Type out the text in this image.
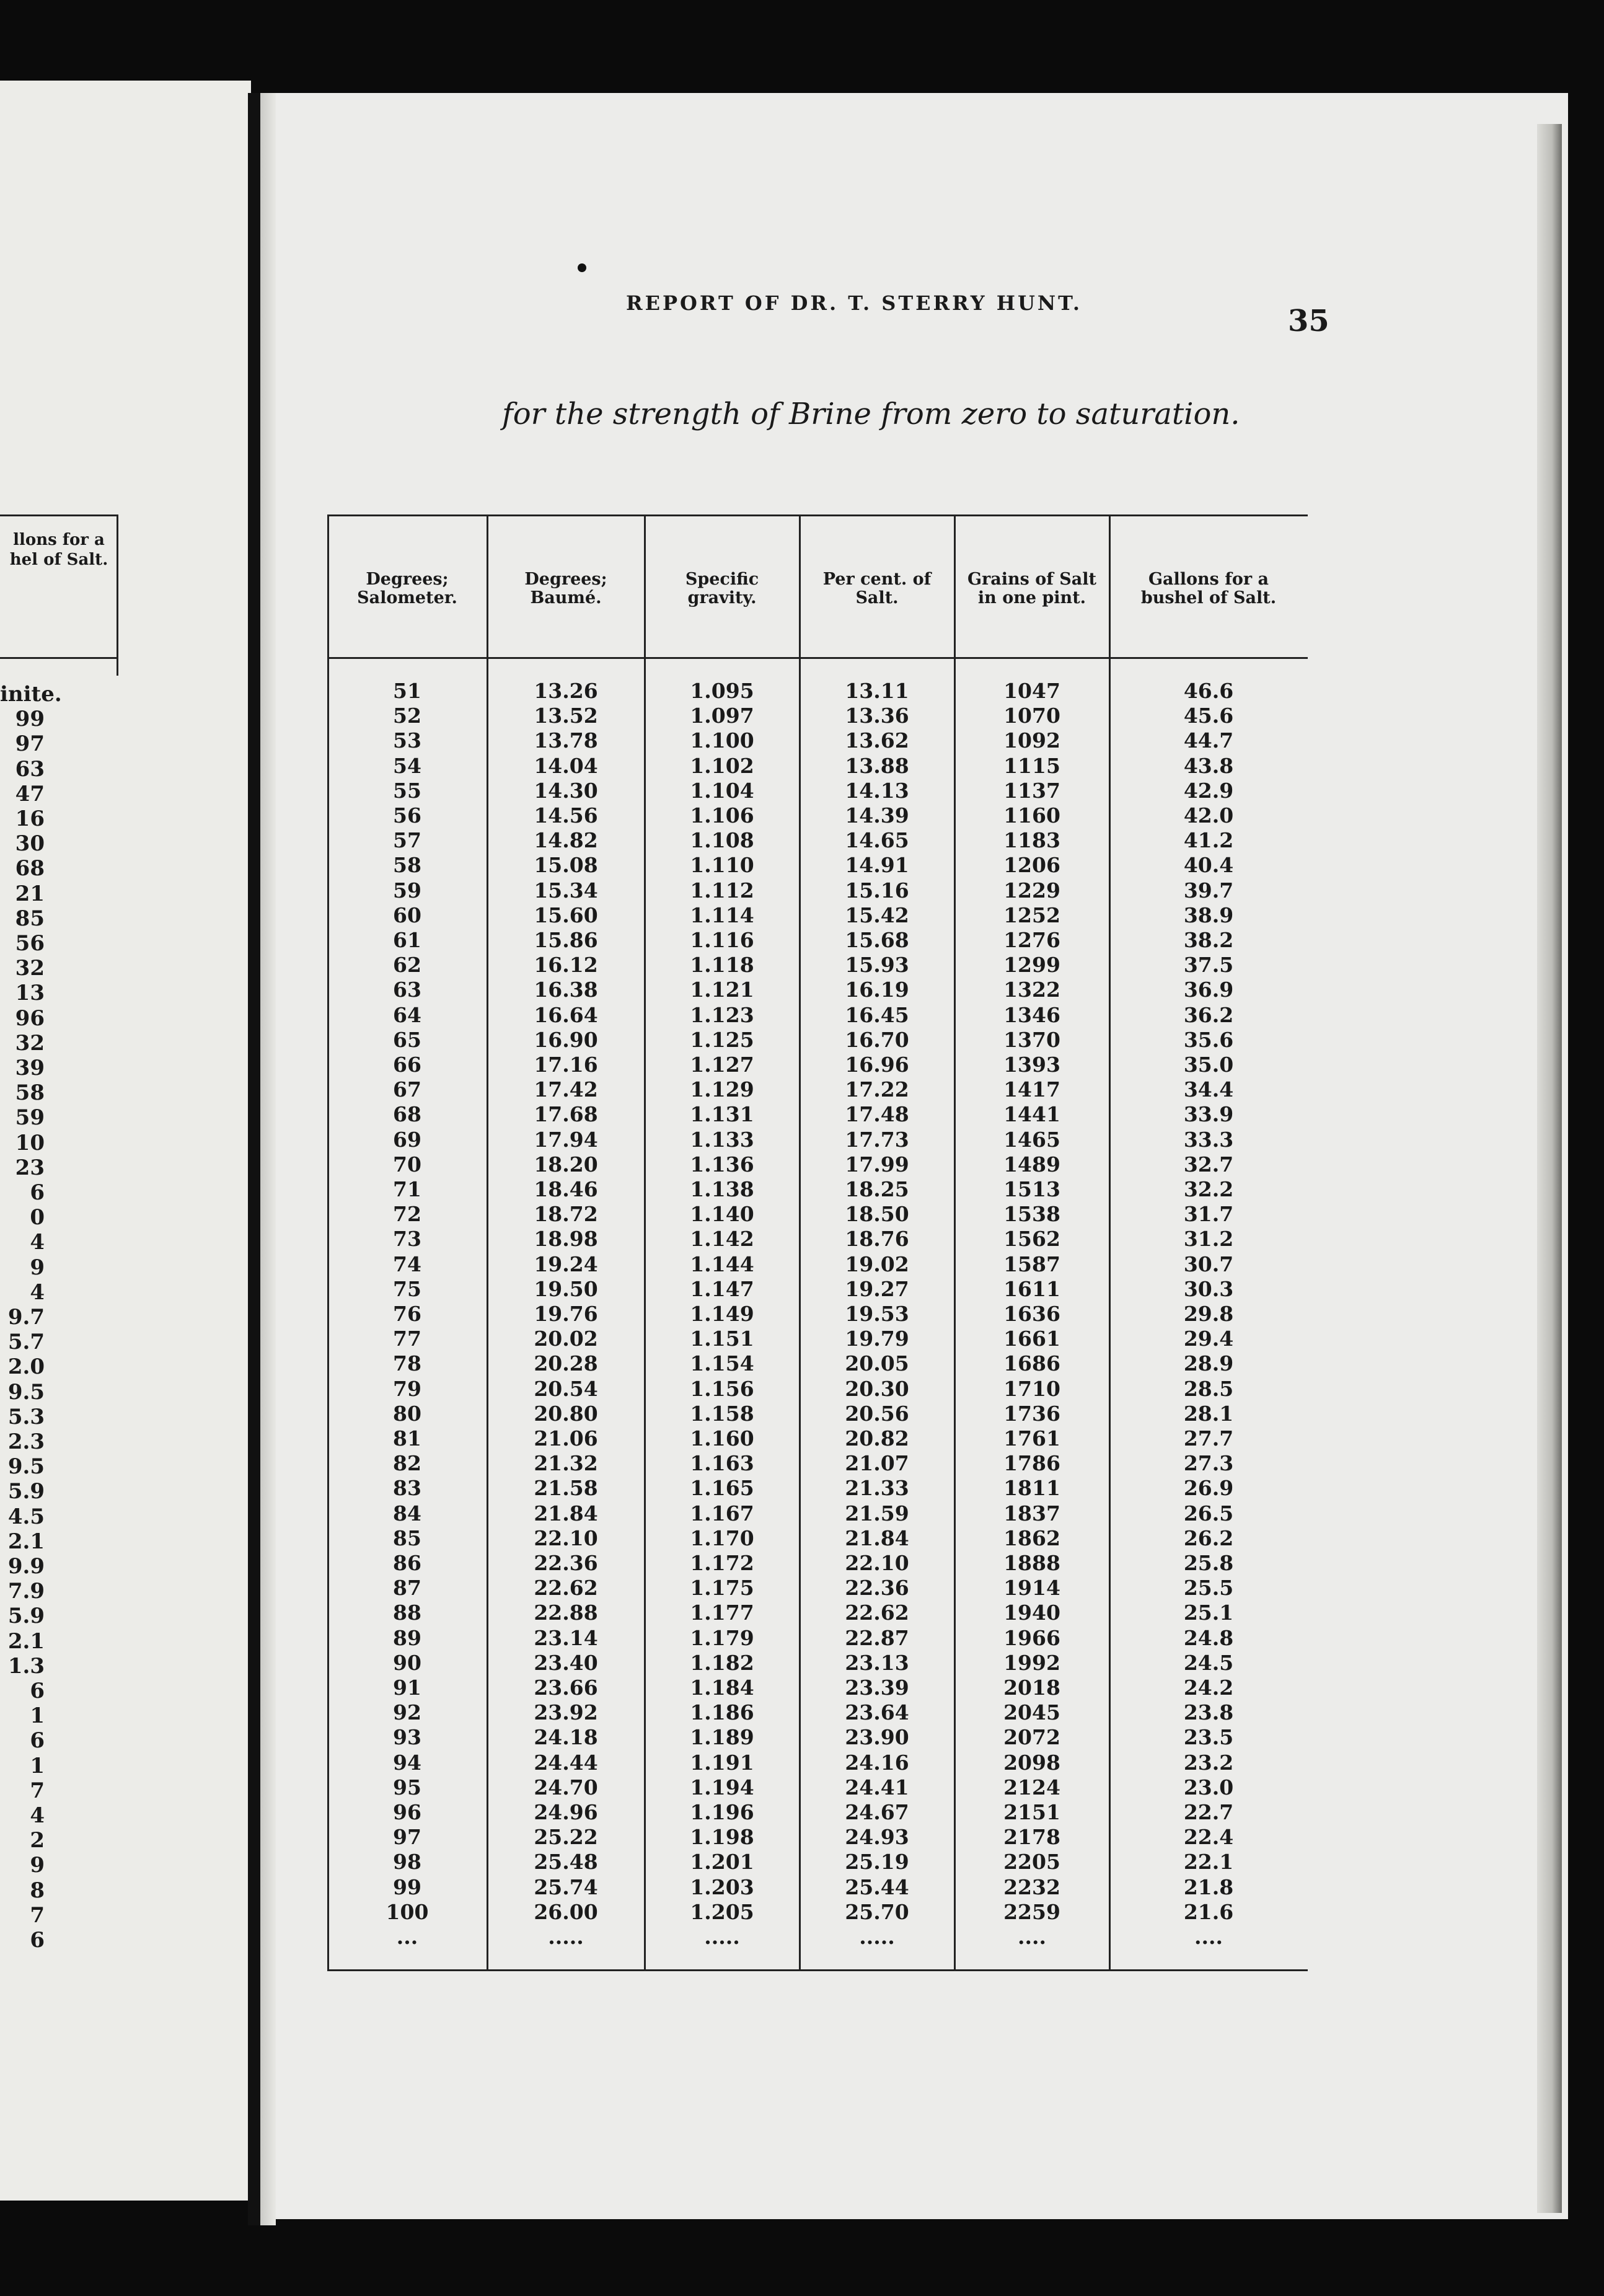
llons for a hel of Salt.
inite.
99
97
63
47
16
30
68
21
85
56
32
13
96
32
39
58
59
10
23
6
0
4
9
4
9.7
5.7
2.0
9.5
5.3
2.3
9.5
5.9
4.5
2.1
9.9
7.9
5.9
2.1
1.3
6
1
6
1
7
4
2
9
8
7
6
REPORT OF DR. T. STERRY HUNT.
35
for the strength of Brine from zero to saturation.
Degrees; Salometer.
Degrees; Baumé.
Specific gravity.
Per cent. of Salt.
Grains of Salt in one pint.
Gallons for a bushel of Salt.
51
52
53
54
55
56
57
58
59
60
61
62
63
64
65
66
67
68
69
70
71
72
73
74
75
76
77
78
79
80
81
82
83
84
85
86
87
88
89
90
91
92
93
94
95
96
97
98
99
100
...
13.26
13.52
13.78
14.04
14.30
14.56
14.82
15.08
15.34
15.60
15.86
16.12
16.38
16.64
16.90
17.16
17.42
17.68
17.94
18.20
18.46
18.72
18.98
19.24
19.50
19.76
20.02
20.28
20.54
20.80
21.06
21.32
21.58
21.84
22.10
22.36
22.62
22.88
23.14
23.40
23.66
23.92
24.18
24.44
24.70
24.96
25.22
25.48
25.74
26.00
.....
1.095
1.097
1.100
1.102
1.104
1.106
1.108
1.110
1.112
1.114
1.116
1.118
1.121
1.123
1.125
1.127
1.129
1.131
1.133
1.136
1.138
1.140
1.142
1.144
1.147
1.149
1.151
1.154
1.156
1.158
1.160
1.163
1.165
1.167
1.170
1.172
1.175
1.177
1.179
1.182
1.184
1.186
1.189
1.191
1.194
1.196
1.198
1.201
1.203
1.205
.....
13.11
13.36
13.62
13.88
14.13
14.39
14.65
14.91
15.16
15.42
15.68
15.93
16.19
16.45
16.70
16.96
17.22
17.48
17.73
17.99
18.25
18.50
18.76
19.02
19.27
19.53
19.79
20.05
20.30
20.56
20.82
21.07
21.33
21.59
21.84
22.10
22.36
22.62
22.87
23.13
23.39
23.64
23.90
24.16
24.41
24.67
24.93
25.19
25.44
25.70
.....
1047
1070
1092
1115
1137
1160
1183
1206
1229
1252
1276
1299
1322
1346
1370
1393
1417
1441
1465
1489
1513
1538
1562
1587
1611
1636
1661
1686
1710
1736
1761
1786
1811
1837
1862
1888
1914
1940
1966
1992
2018
2045
2072
2098
2124
2151
2178
2205
2232
2259
....
46.6
45.6
44.7
43.8
42.9
42.0
41.2
40.4
39.7
38.9
38.2
37.5
36.9
36.2
35.6
35.0
34.4
33.9
33.3
32.7
32.2
31.7
31.2
30.7
30.3
29.8
29.4
28.9
28.5
28.1
27.7
27.3
26.9
26.5
26.2
25.8
25.5
25.1
24.8
24.5
24.2
23.8
23.5
23.2
23.0
22.7
22.4
22.1
21.8
21.6
....
